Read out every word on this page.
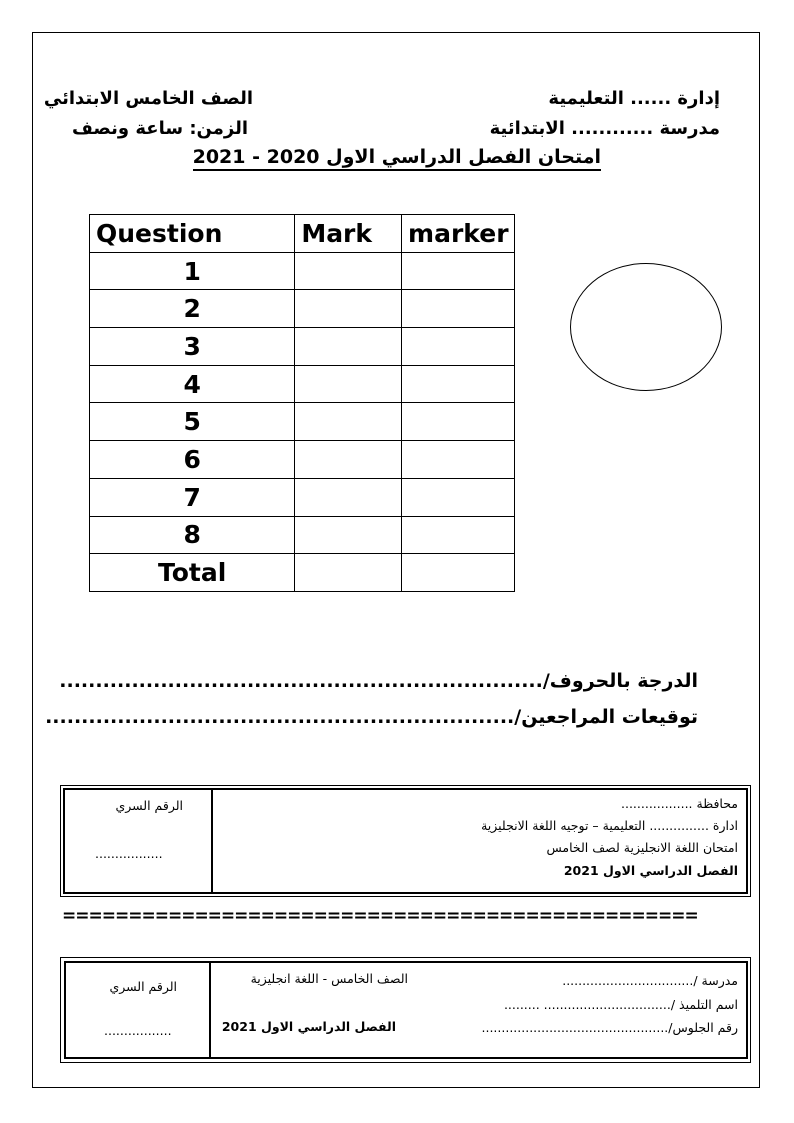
إدارة ...... التعليمية
مدرسة ............ الابتدائية
الصف الخامس الابتدائي
الزمن: ساعة ونصف
امتحان الفصل الدراسي الاول 2020 - 2021
Question	Mark	marker
1		
2		
3		
4		
5		
6		
7		
8		
Total		
الدرجة بالحروف/...................................................................
توقيعات المراجعين/.................................................................
الرقم السري
.................
محافظة ..................
ادارة ............... التعليمية – توجيه اللغة الانجليزية
امتحان اللغة الانجليزية لصف الخامس
الفصل الدراسي الاول 2021
================================================
الرقم السري
.................
مدرسة /.................................
اسم التلميذ /................................ .........
رقم الجلوس/...............................................
الصف الخامس - اللغة انجليزية
الفصل الدراسي الاول 2021
